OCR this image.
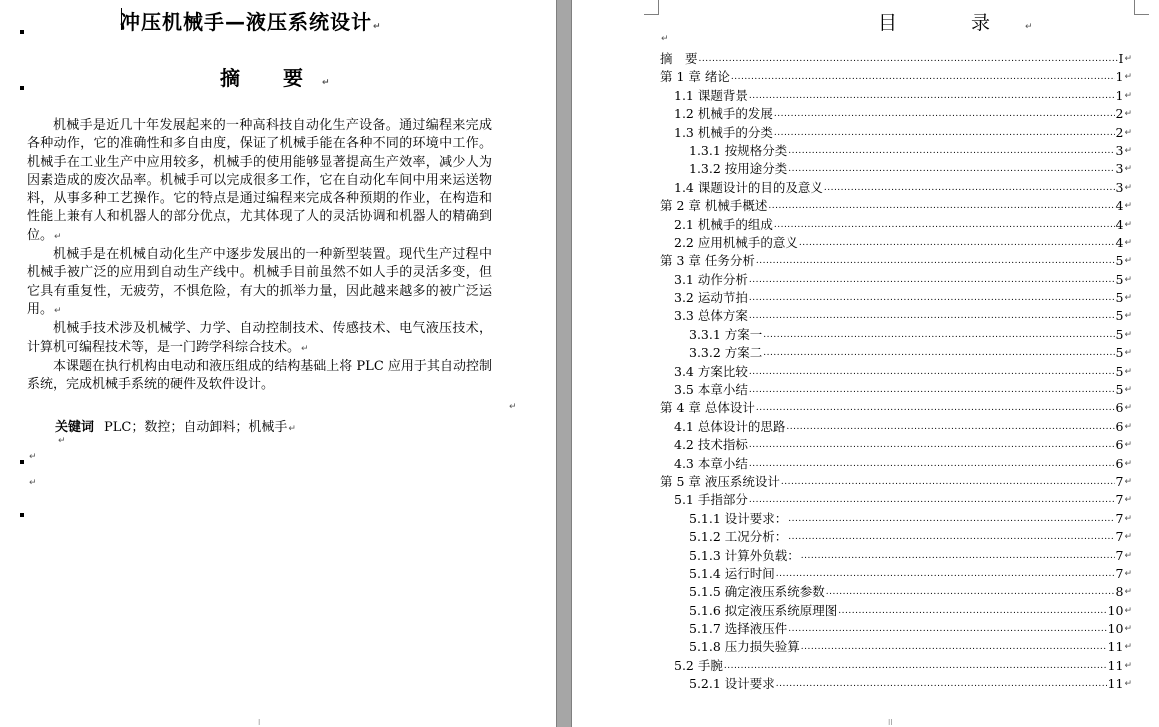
冲压机械手—液压系统设计↵
摘 要↵

机械手是近几十年发展起来的一种高科技自动化生产设备。通过编程来完成各种动作，它的准确性和多自由度，保证了机械手能在各种不同的环境中工作。机械手在工业生产中应用较多，机械手的使用能够显著提高生产效率，减少人为因素造成的废次品率。机械手可以完成很多工作，它在自动化车间中用来运送物料，从事多种工艺操作。它的特点是通过编程来完成各种预期的作业，在构造和性能上兼有人和机器人的部分优点，尤其体现了人的灵活协调和机器人的精确到位。↵

机械手是在机械自动化生产中逐步发展出的一种新型装置。现代生产过程中机械手被广泛的应用到自动生产线中。机械手目前虽然不如人手的灵活多变，但它具有重复性，无疲劳，不惧危险，有大的抓举力量，因此越来越多的被广泛运用。↵

机械手技术涉及机械学、力学、自动控制技术、传感技术、电气液压技术，计算机可编程技术等，是一门跨学科综合技术。↵

本课题在执行机构由电动和液压组成的结构基础上将 PLC 应用于其自动控制系统，完成机械手系统的硬件及软件设计。

↵
关键词 PLC；数控；自动卸料；机械手↵
↵
↵
↵
I	II
目 录↵
↵
摘　要 .....	I ↵
第 1 章 绪论 .....	1 ↵
1.1 课题背景 .....	1 ↵
1.2 机械手的发展 .....	2 ↵
1.3 机械手的分类 .....	2 ↵
1.3.1 按规格分类 .....	3 ↵
1.3.2 按用途分类 .....	3 ↵
1.4 课题设计的目的及意义 .....	3 ↵
第 2 章 机械手概述 .....	4 ↵
2.1 机械手的组成 .....	4 ↵
2.2 应用机械手的意义 .....	4 ↵
第 3 章 任务分析 .....	5 ↵
3.1 动作分析 .....	5 ↵
3.2 运动节拍 .....	5 ↵
3.3 总体方案 .....	5 ↵
3.3.1 方案一 .....	5 ↵
3.3.2 方案二 .....	5 ↵
3.4 方案比较 .....	5 ↵
3.5 本章小结 .....	5 ↵
第 4 章 总体设计 .....	6 ↵
4.1 总体设计的思路 .....	6 ↵
4.2 技术指标 .....	6 ↵
4.3 本章小结 .....	6 ↵
第 5 章 液压系统设计 .....	7 ↵
5.1 手指部分 .....	7 ↵
5.1.1 设计要求： .....	7 ↵
5.1.2 工况分析： .....	7 ↵
5.1.3 计算外负载： .....	7 ↵
5.1.4 运行时间 .....	7 ↵
5.1.5 确定液压系统参数 .....	8 ↵
5.1.6 拟定液压系统原理图 .....	10 ↵
5.1.7 选择液压件 .....	10 ↵
5.1.8 压力损失验算 .....	11 ↵
5.2 手腕 .....	11 ↵
5.2.1 设计要求 .....	11 ↵
